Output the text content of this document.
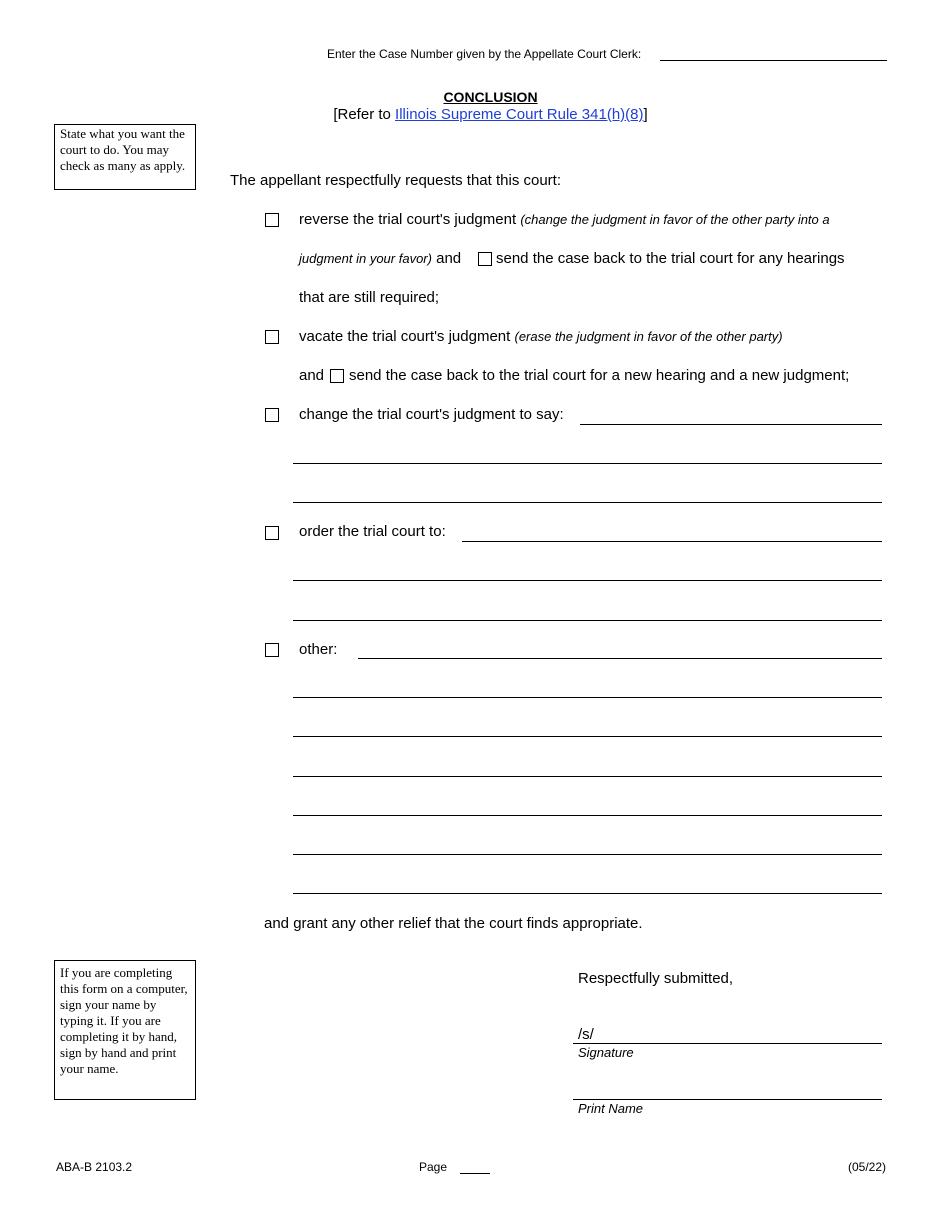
Enter the Case Number given by the Appellate Court Clerk:
CONCLUSION
[Refer to Illinois Supreme Court Rule 341(h)(8)]
State what you want the court to do. You may check as many as apply.
The appellant respectfully requests that this court:
reverse the trial court's judgment (change the judgment in favor of the other party into a
judgment in your favor) and send the case back to the trial court for any hearings
that are still required;
vacate the trial court's judgment (erase the judgment in favor of the other party)
and send the case back to the trial court for a new hearing and a new judgment;
change the trial court's judgment to say:
order the trial court to:
other:
and grant any other relief that the court finds appropriate.
If you are completing this form on a computer, sign your name by typing it. If you are completing it by hand, sign by hand and print your name.
Respectfully submitted,
/s/
Signature
Print Name
ABA-B 2103.2	Page	(05/22)
